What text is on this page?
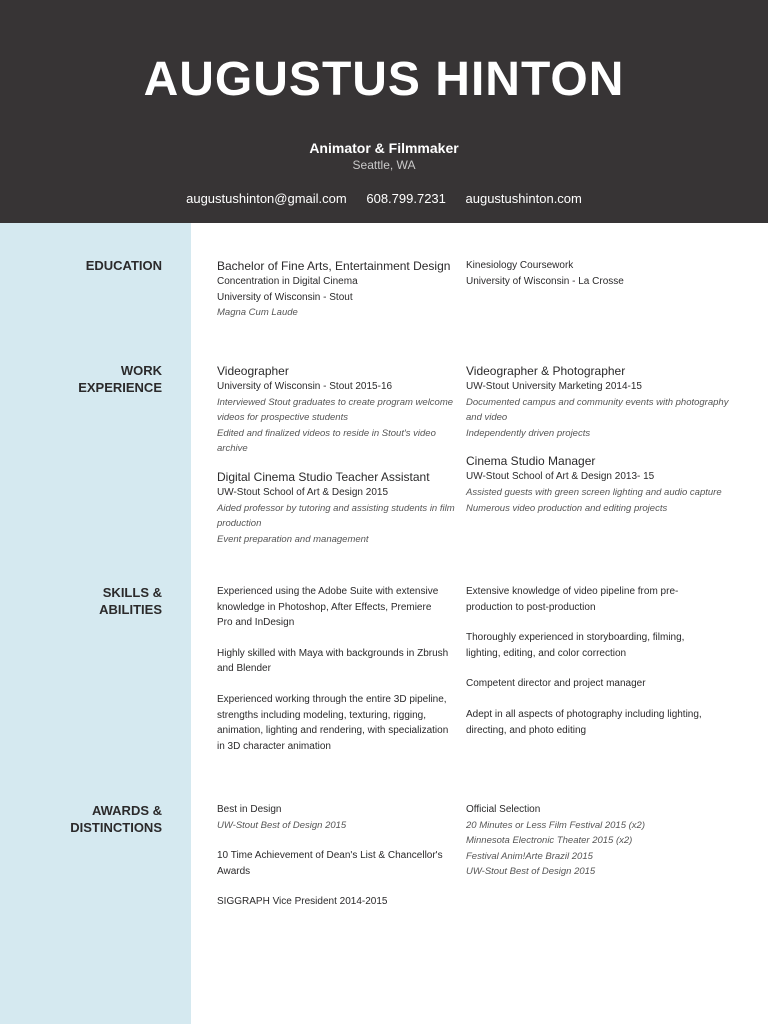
AUGUSTUS HINTON
Animator & Filmmaker
Seattle, WA
augustushinton@gmail.com 608.799.7231 augustushinton.com
EDUCATION	Bachelor of Fine Arts, Entertainment Design
Concentration in Digital Cinema
University of Wisconsin - Stout
Magna Cum Laude
Kinesiology Coursework
University of Wisconsin - La Crosse
WORK
EXPERIENCE
Videographer
University of Wisconsin - Stout 2015-16
Interviewed Stout graduates to create program welcome videos for prospective students
Edited and finalized videos to reside in Stout's video archive
Digital Cinema Studio Teacher Assistant
UW-Stout School of Art & Design 2015
Aided professor by tutoring and assisting students in film production
Event preparation and management
Videographer & Photographer
UW-Stout University Marketing 2014-15
Documented campus and community events with photography and video
Independently driven projects
Cinema Studio Manager
UW-Stout School of Art & Design 2013- 15
Assisted guests with green screen lighting and audio capture
Numerous video production and editing projects
SKILLS &
ABILITIES
Experienced using the Adobe Suite with extensive knowledge in Photoshop, After Effects, Premiere Pro and InDesign
Highly skilled with Maya with backgrounds in Zbrush and Blender
Experienced working through the entire 3D pipeline, strengths including modeling, texturing, rigging, animation, lighting and rendering, with specialization in 3D character animation
Extensive knowledge of video pipeline from pre-production to post-production
Thoroughly experienced in storyboarding, filming, lighting, editing, and color correction
Competent director and project manager
Adept in all aspects of photography including lighting, directing, and photo editing
AWARDS &
DISTINCTIONS
Best in Design
UW-Stout Best of Design 2015
10 Time Achievement of Dean's List & Chancellor's Awards
SIGGRAPH Vice President 2014-2015
Official Selection
20 Minutes or Less Film Festival 2015 (x2)
Minnesota Electronic Theater 2015 (x2)
Festival Anim!Arte Brazil 2015
UW-Stout Best of Design 2015
